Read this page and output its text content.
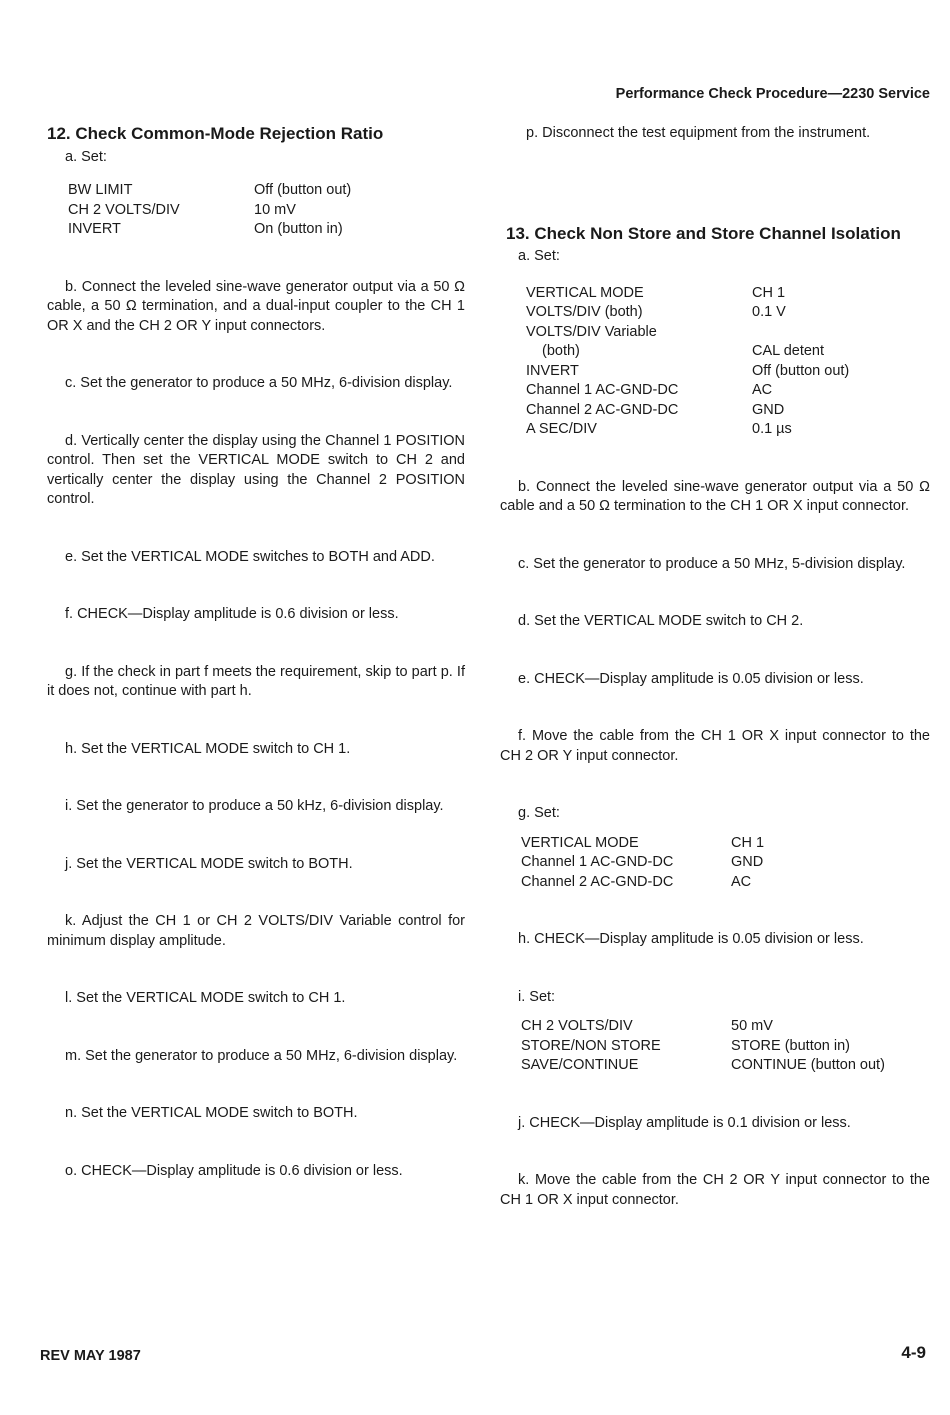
Performance Check Procedure—2230 Service
12. Check Common-Mode Rejection Ratio

a. Set:

BW LIMIT	Off (button out)
CH 2 VOLTS/DIV	10 mV
INVERT	On (button in)

b. Connect the leveled sine-wave generator output via a 50 Ω cable, a 50 Ω termination, and a dual-input coupler to the CH 1 OR X and the CH 2 OR Y input connectors.

c. Set the generator to produce a 50 MHz, 6-division display.

d. Vertically center the display using the Channel 1 POSITION control. Then set the VERTICAL MODE switch to CH 2 and vertically center the display using the Channel 2 POSITION control.

e. Set the VERTICAL MODE switches to BOTH and ADD.

f. CHECK—Display amplitude is 0.6 division or less.

g. If the check in part f meets the requirement, skip to part p. If it does not, continue with part h.

h. Set the VERTICAL MODE switch to CH 1.

i. Set the generator to produce a 50 kHz, 6-division display.

j. Set the VERTICAL MODE switch to BOTH.

k. Adjust the CH 1 or CH 2 VOLTS/DIV Variable control for minimum display amplitude.

l. Set the VERTICAL MODE switch to CH 1.

m. Set the generator to produce a 50 MHz, 6-division display.

n. Set the VERTICAL MODE switch to BOTH.

o. CHECK—Display amplitude is 0.6 division or less.

p. Disconnect the test equipment from the instrument.

13. Check Non Store and Store Channel Isolation

a. Set:

VERTICAL MODE	CH 1
VOLTS/DIV (both)	0.1 V
VOLTS/DIV Variable	
(both)	CAL detent
INVERT	Off (button out)
Channel 1 AC-GND-DC	AC
Channel 2 AC-GND-DC	GND
A SEC/DIV	0.1 µs

b. Connect the leveled sine-wave generator output via a 50 Ω cable and a 50 Ω termination to the CH 1 OR X input connector.

c. Set the generator to produce a 50 MHz, 5-division display.

d. Set the VERTICAL MODE switch to CH 2.

e. CHECK—Display amplitude is 0.05 division or less.

f. Move the cable from the CH 1 OR X input connector to the CH 2 OR Y input connector.

g. Set:

VERTICAL MODE	CH 1
Channel 1 AC-GND-DC	GND
Channel 2 AC-GND-DC	AC

h. CHECK—Display amplitude is 0.05 division or less.

i. Set:

CH 2 VOLTS/DIV	50 mV
STORE/NON STORE	STORE (button in)
SAVE/CONTINUE	CONTINUE (button out)

j. CHECK—Display amplitude is 0.1 division or less.

k. Move the cable from the CH 2 OR Y input connector to the CH 1 OR X input connector.

REV MAY 1987	4-9
